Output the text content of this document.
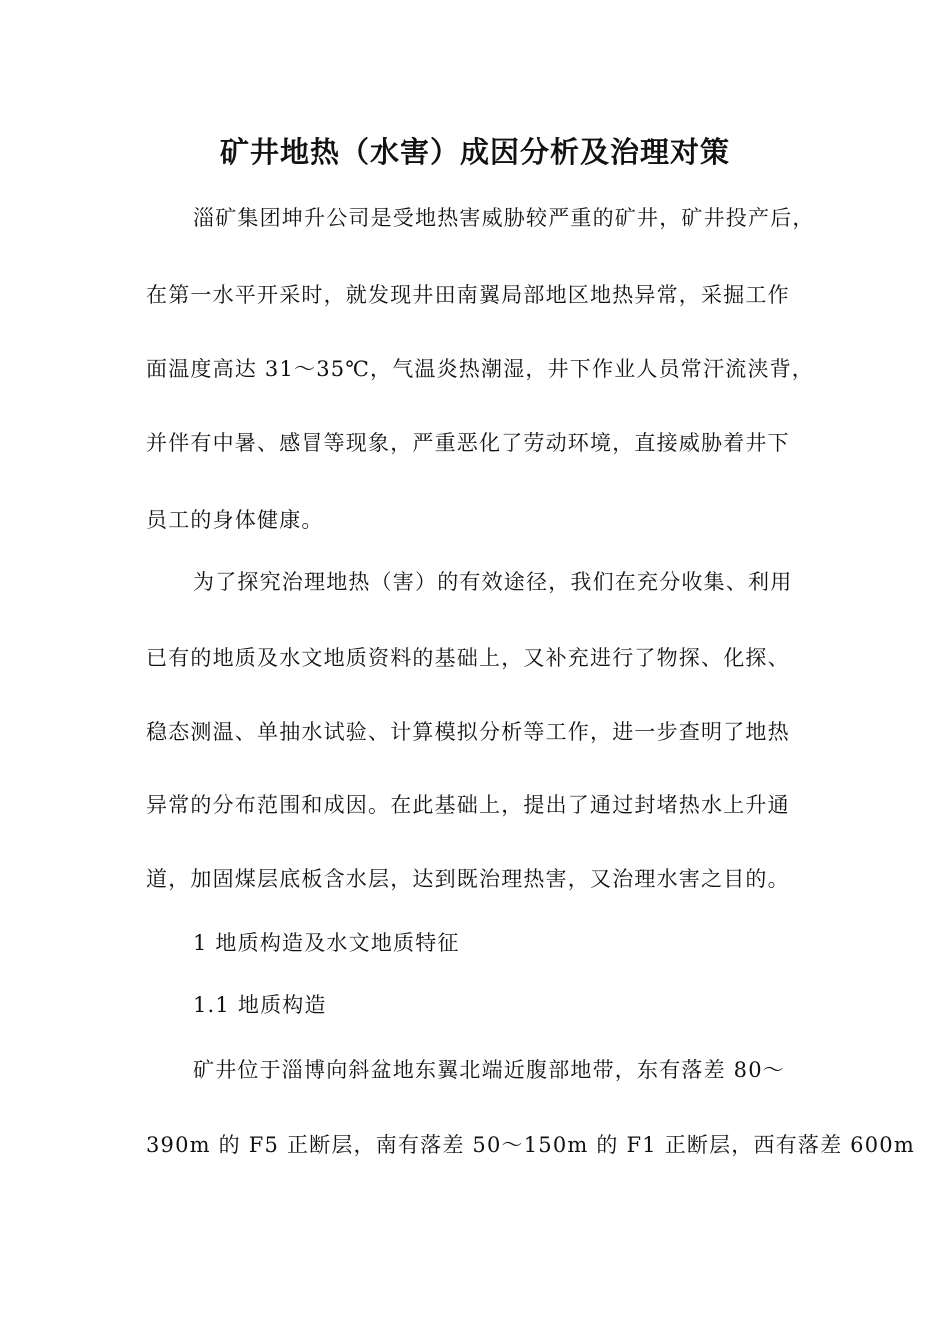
矿井地热（水害）成因分析及治理对策

淄矿集团坤升公司是受地热害威胁较严重的矿井，矿井投产后，

在第一水平开采时，就发现井田南翼局部地区地热异常，采掘工作

面温度高达 31～35℃，气温炎热潮湿，井下作业人员常汗流浃背，

并伴有中暑、感冒等现象，严重恶化了劳动环境，直接威胁着井下

员工的身体健康。

为了探究治理地热（害）的有效途径，我们在充分收集、利用

已有的地质及水文地质资料的基础上，又补充进行了物探、化探、

稳态测温、单抽水试验、计算模拟分析等工作，进一步查明了地热

异常的分布范围和成因。在此基础上，提出了通过封堵热水上升通

道，加固煤层底板含水层，达到既治理热害，又治理水害之目的。

1 地质构造及水文地质特征

1.1 地质构造

矿井位于淄博向斜盆地东翼北端近腹部地带，东有落差 80～

390m 的 F5 正断层，南有落差 50～150m 的 F1 正断层，西有落差 600m
